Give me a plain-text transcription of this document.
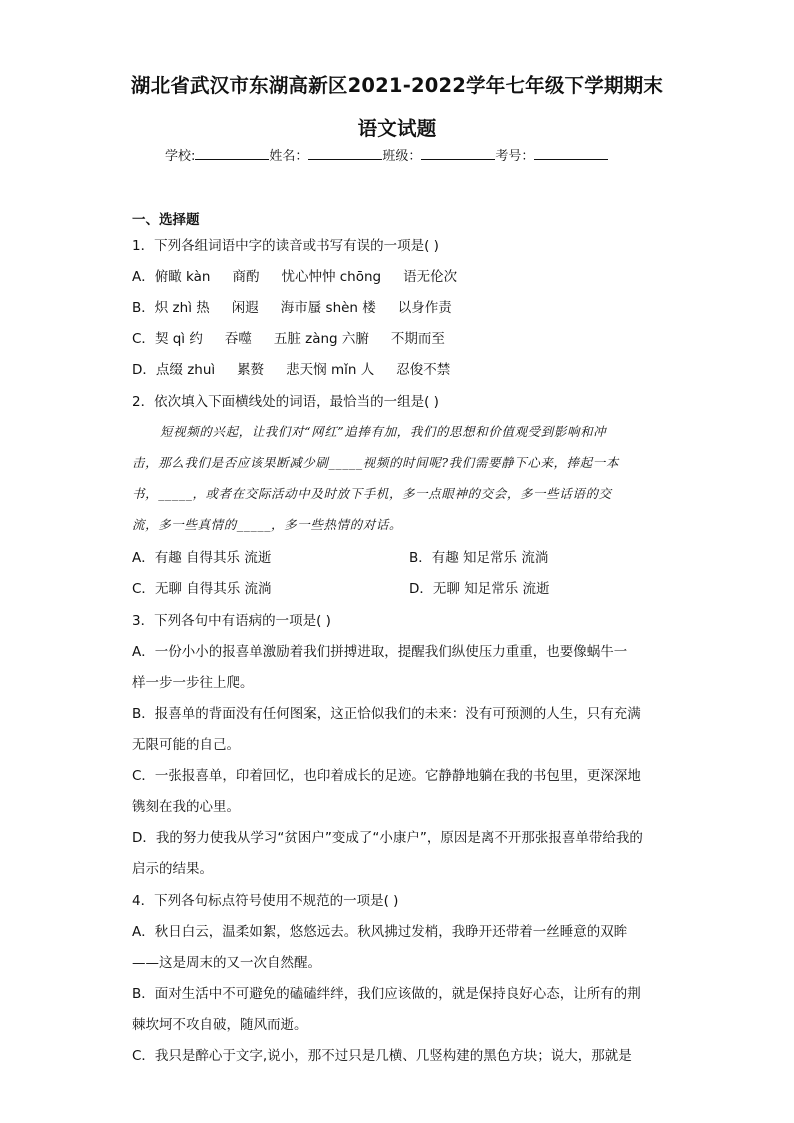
湖北省武汉市东湖高新区2021-2022学年七年级下学期期末
语文试题
学校:	姓名：	班级：	考号：
一、选择题
1．下列各组词语中字的读音或书写有误的一项是( )
A．俯瞰 kàn 商酌 忧心忡忡 chōng 语无伦次
B．炽 zhì 热 闲遐 海市蜃 shèn 楼 以身作责
C．契 qì 约 吞噬 五脏 zàng 六腑 不期而至
D．点缀 zhuì 累赘 悲天悯 mǐn 人 忍俊不禁
2．依次填入下面横线处的词语，最恰当的一组是( )
短视频的兴起，让我们对“网红”追捧有加，我们的思想和价值观受到影响和冲
击，那么我们是否应该果断减少刷_____视频的时间呢?我们需要静下心来，捧起一本
书，_____，或者在交际活动中及时放下手机，多一点眼神的交会，多一些话语的交
流，多一些真情的_____，多一些热情的对话。
A．有趣 自得其乐 流逝	B．有趣 知足常乐 流淌
C．无聊 自得其乐 流淌	D．无聊 知足常乐 流逝
3．下列各句中有语病的一项是( )
A．一份小小的报喜单激励着我们拼搏进取，提醒我们纵使压力重重，也要像蜗牛一
样一步一步往上爬。
B．报喜单的背面没有任何图案，这正恰似我们的未来：没有可预测的人生，只有充满
无限可能的自己。
C．一张报喜单，印着回忆，也印着成长的足迹。它静静地躺在我的书包里，更深深地
镌刻在我的心里。
D．我的努力使我从学习“贫困户”变成了“小康户”，原因是离不开那张报喜单带给我的
启示的结果。
4．下列各句标点符号使用不规范的一项是( )
A．秋日白云，温柔如絮，悠悠远去。秋风拂过发梢，我睁开还带着一丝睡意的双眸
——这是周末的又一次自然醒。
B．面对生活中不可避免的磕磕绊绊，我们应该做的，就是保持良好心态，让所有的荆
棘坎坷不攻自破，随风而逝。
C．我只是醉心于文字,说小，那不过只是几横、几竖构建的黑色方块；说大，那就是
